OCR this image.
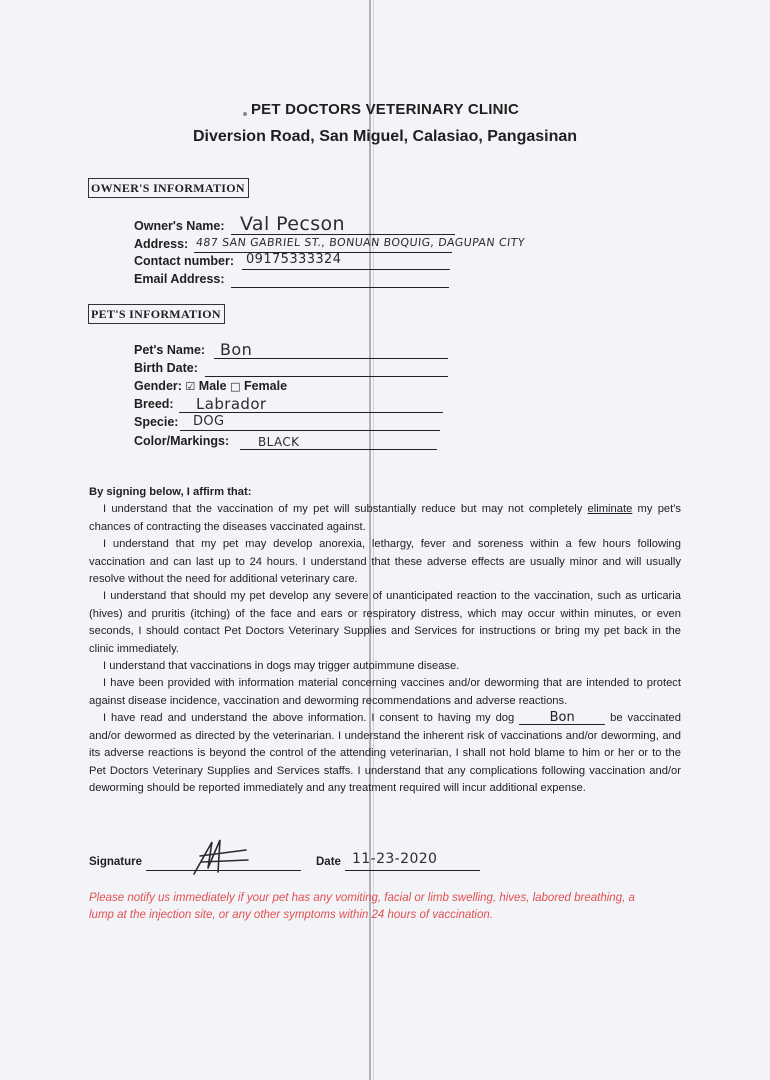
PET DOCTORS VETERINARY CLINIC
Diversion Road, San Miguel, Calasiao, Pangasinan
OWNER'S INFORMATION
Owner's Name: Val Pecson
Address: 487 SAN GABRIEL ST., BONUAN BOQUIG, DAGUPAN CITY
Contact number: 09175333324
Email Address:
PET'S INFORMATION
Pet's Name: Bon
Birth Date:
Gender: ☑ Male □ Female
Breed: Labrador
Specie: DOG
Color/Markings: BLACK

By signing below, I affirm that:

I understand that the vaccination of my pet will substantially reduce but may not completely eliminate my pet's chances of contracting the diseases vaccinated against.

I understand that my pet may develop anorexia, lethargy, fever and soreness within a few hours following vaccination and can last up to 24 hours. I understand that these adverse effects are usually minor and will usually resolve without the need for additional veterinary care.

I understand that should my pet develop any severe of unanticipated reaction to the vaccination, such as urticaria (hives) and pruritis (itching) of the face and ears or respiratory distress, which may occur within minutes, or even seconds, I should contact Pet Doctors Veterinary Supplies and Services for instructions or bring my pet back in the clinic immediately.

I understand that vaccinations in dogs may trigger autoimmune disease.

I have been provided with information material concerning vaccines and/or deworming that are intended to protect against disease incidence, vaccination and deworming recommendations and adverse reactions.

I have read and understand the above information. I consent to having my dog Bon	be vaccinated and/or dewormed as directed by the veterinarian. I understand the inherent risk of vaccinations and/or deworming, and its adverse reactions is beyond the control of the attending veterinarian, I shall not hold blame to him or her or to the Pet Doctors Veterinary Supplies and Services staffs. I understand that any complications following vaccination and/or deworming should be reported immediately and any treatment required will incur additional expense.

Signature	Date 11-23-2020
Please notify us immediately if your pet has any vomiting, facial or limb swelling, hives, labored breathing, a lump at the injection site, or any other symptoms within 24 hours of vaccination.
